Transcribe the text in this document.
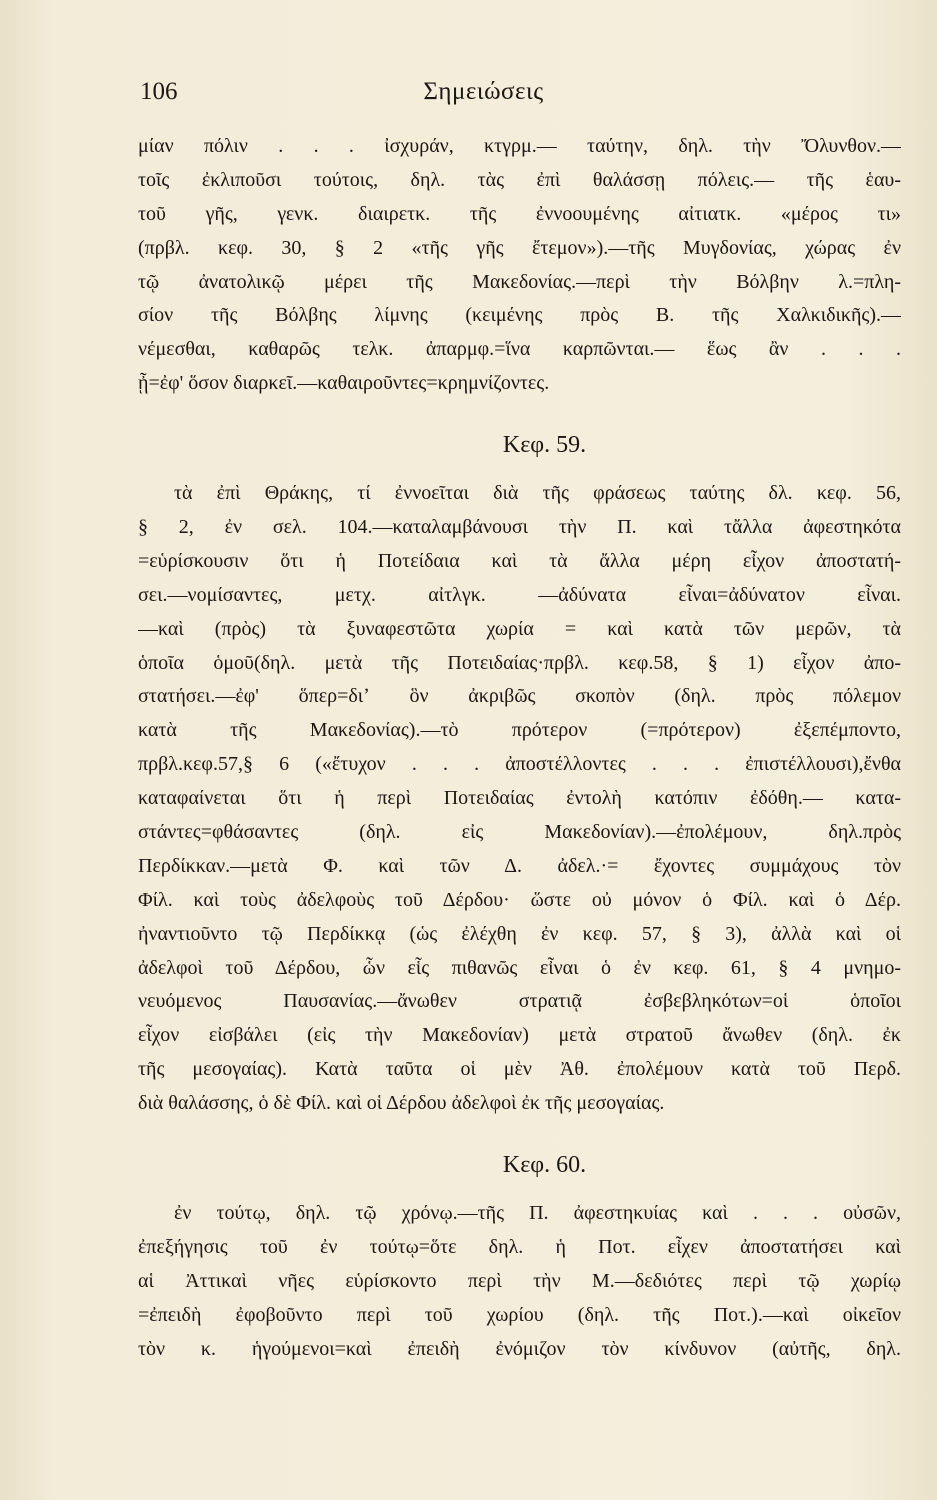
106	Σημειώσεις
μίαν πόλιν . . . ἰσχυράν, κτγρμ.— ταύτην, δηλ. τὴν Ὄλυνθον.—
τοῖς ἐκλιποῦσι τούτοις, δηλ. τὰς ἐπὶ θαλάσσῃ πόλεις.— τῆς ἑαυ-
τοῦ γῆς, γενκ. διαιρετκ. τῆς ἐννοουμένης αἰτιατκ. «μέρος τι»
(πρβλ. κεφ. 30, § 2 «τῆς γῆς ἔτεμον»).—τῆς Μυγδονίας, χώρας ἐν
τῷ ἀνατολικῷ μέρει τῆς Μακεδονίας.—περὶ τὴν Βόλβην λ.=πλη-
σίον τῆς Βόλβης λίμνης (κειμένης πρὸς Β. τῆς Χαλκιδικῆς).—
νέμεσθαι, καθαρῶς τελκ. ἀπαρμφ.=ἵνα καρπῶνται.— ἕως ἂν . . .
ᾖ=ἐφ' ὅσον διαρκεῖ.—καθαιροῦντες=κρημνίζοντες.
Κεφ. 59.
τὰ ἐπὶ Θράκης, τί ἐννοεῖται διὰ τῆς φράσεως ταύτης δλ. κεφ. 56,
§ 2, ἐν σελ. 104.—καταλαμβάνουσι τὴν Π. καὶ τἄλλα ἀφεστηκότα
=εὑρίσκουσιν ὅτι ἡ Ποτείδαια καὶ τὰ ἄλλα μέρη εἶχον ἀποστατή-
σει.—νομίσαντες, μετχ. αἰτλγκ. —ἀδύνατα εἶναι=ἀδύνατον εἶναι.
—καὶ (πρὸς) τὰ ξυναφεστῶτα χωρία = καὶ κατὰ τῶν μερῶν, τὰ
ὁποῖα ὁμοῦ(δηλ. μετὰ τῆς Ποτειδαίας·πρβλ. κεφ.58, § 1) εἶχον ἀπο-
στατήσει.—ἐφ' ὅπερ=διʼ ὃν ἀκριβῶς σκοπὸν (δηλ. πρὸς πόλεμον
κατὰ τῆς Μακεδονίας).—τὸ πρότερον (=πρότερον) ἐξεπέμποντο,
πρβλ.κεφ.57,§ 6 («ἔτυχον . . . ἀποστέλλοντες . . . ἐπιστέλλουσι),ἔνθα
καταφαίνεται ὅτι ἡ περὶ Ποτειδαίας ἐντολὴ κατόπιν ἐδόθη.— κατα-
στάντες=φθάσαντες (δηλ. εἰς Μακεδονίαν).—ἐπολέμουν, δηλ.πρὸς
Περδίκκαν.—μετὰ Φ. καὶ τῶν Δ. ἀδελ.·= ἔχοντες συμμάχους τὸν
Φίλ. καὶ τοὺς ἀδελφοὺς τοῦ Δέρδου· ὥστε οὐ μόνον ὁ Φίλ. καὶ ὁ Δέρ.
ἠναντιοῦντο τῷ Περδίκκᾳ (ὡς ἐλέχθη ἐν κεφ. 57, § 3), ἀλλὰ καὶ οἱ
ἀδελφοὶ τοῦ Δέρδου, ὧν εἷς πιθανῶς εἶναι ὁ ἐν κεφ. 61, § 4 μνημο-
νευόμενος Παυσανίας.—ἄνωθεν στρατιᾷ ἐσβεβληκότων=οἱ ὁποῖοι
εἶχον εἰσβάλει (εἰς τὴν Μακεδονίαν) μετὰ στρατοῦ ἄνωθεν (δηλ. ἐκ
τῆς μεσογαίας). Κατὰ ταῦτα οἱ μὲν Ἀθ. ἐπολέμουν κατὰ τοῦ Περδ.
διὰ θαλάσσης, ὁ δὲ Φίλ. καὶ οἱ Δέρδου ἀδελφοὶ ἐκ τῆς μεσογαίας.
Κεφ. 60.
ἐν τούτῳ, δηλ. τῷ χρόνῳ.—τῆς Π. ἀφεστηκυίας καὶ . . . οὐσῶν,
ἐπεξήγησις τοῦ ἐν τούτῳ=ὅτε δηλ. ἡ Ποτ. εἶχεν ἀποστατήσει καὶ
αἱ Ἀττικαὶ νῆες εὑρίσκοντο περὶ τὴν Μ.—δεδιότες περὶ τῷ χωρίῳ
=ἐπειδὴ ἐφοβοῦντο περὶ τοῦ χωρίου (δηλ. τῆς Ποτ.).—καὶ οἰκεῖον
τὸν κ. ἡγούμενοι=καὶ ἐπειδὴ ἐνόμιζον τὸν κίνδυνον (αὐτῆς, δηλ.
